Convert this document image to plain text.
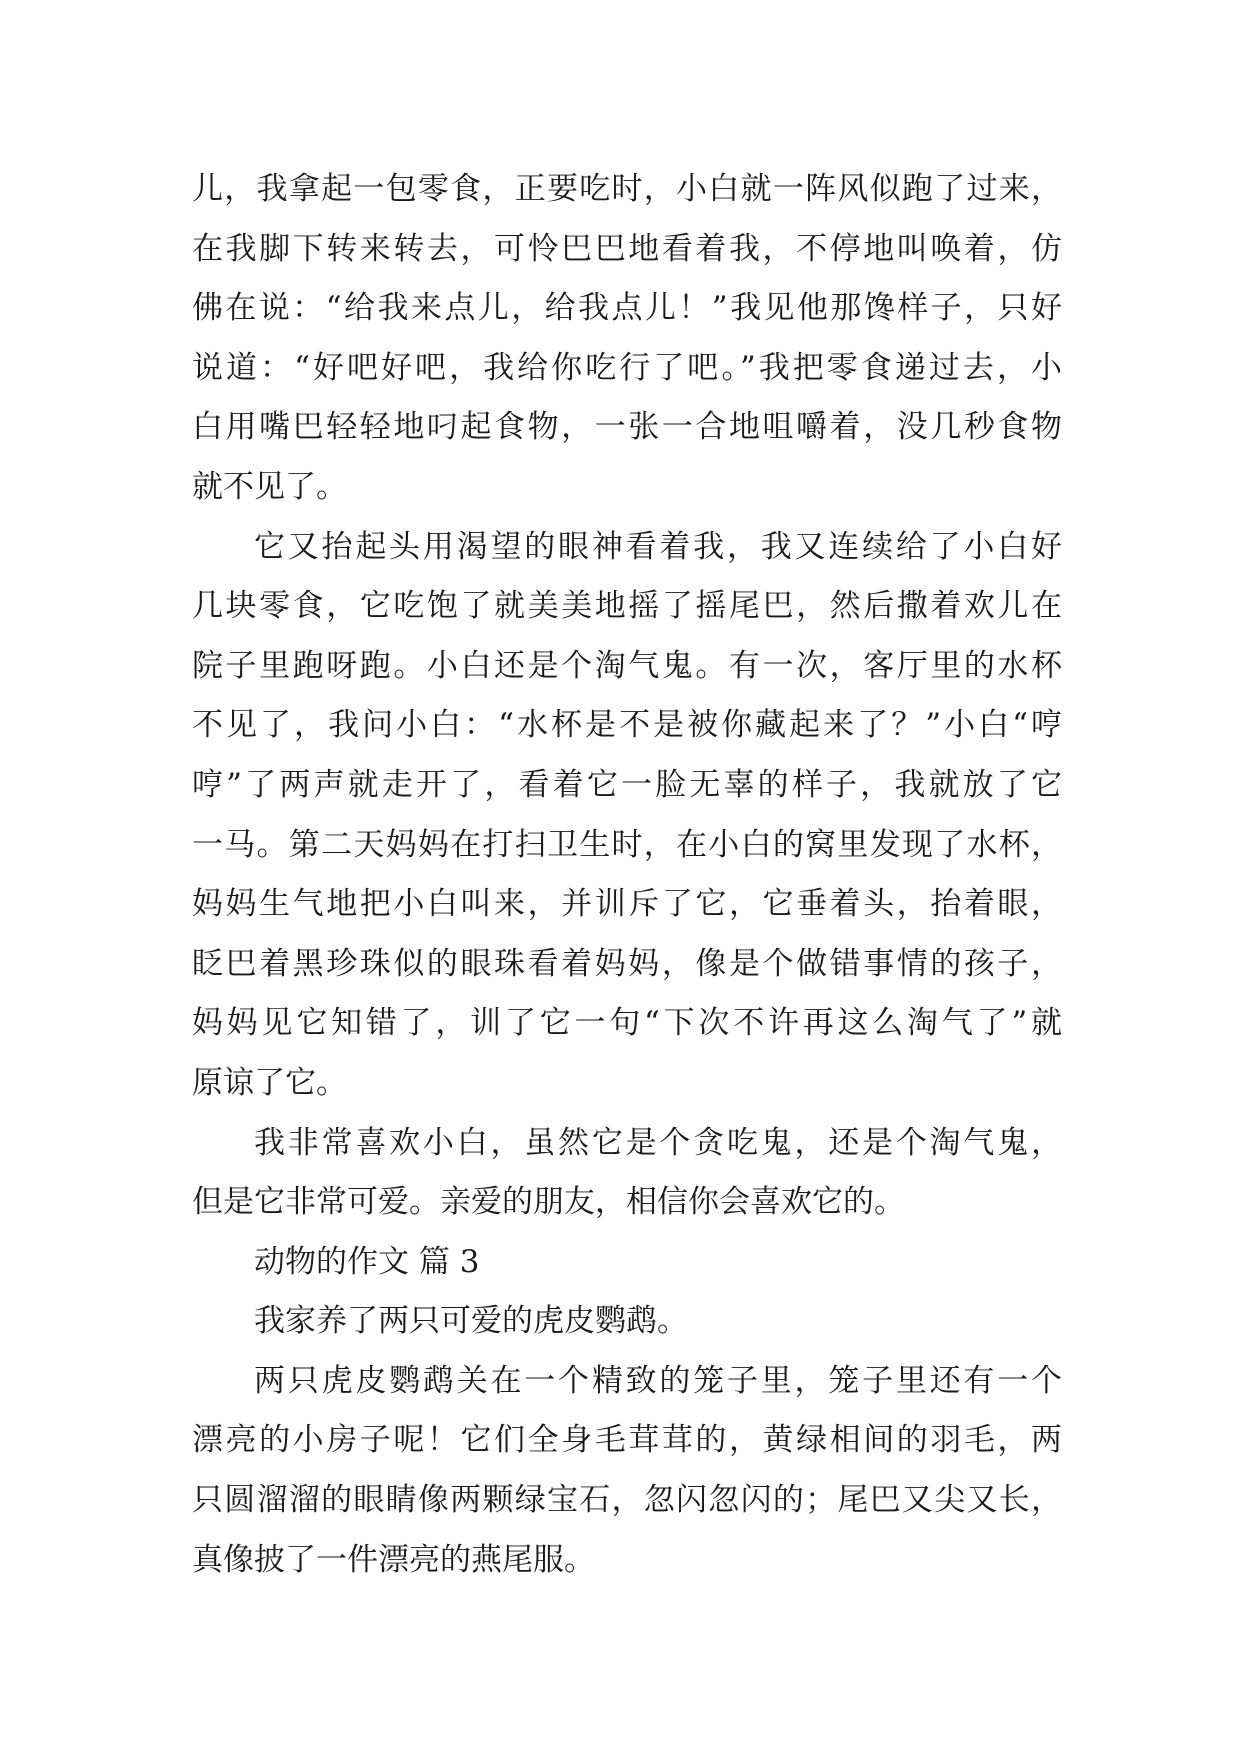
儿，我拿起一包零食，正要吃时，小白就一阵风似跑了过来，
在我脚下转来转去，可怜巴巴地看着我，不停地叫唤着，仿
佛在说：“给我来点儿，给我点儿！”我见他那馋样子，只好
说道：“好吧好吧，我给你吃行了吧。”我把零食递过去，小
白用嘴巴轻轻地叼起食物，一张一合地咀嚼着，没几秒食物
就不见了。
它又抬起头用渴望的眼神看着我，我又连续给了小白好
几块零食，它吃饱了就美美地摇了摇尾巴，然后撒着欢儿在
院子里跑呀跑。小白还是个淘气鬼。有一次，客厅里的水杯
不见了，我问小白：“水杯是不是被你藏起来了？”小白“哼
哼”了两声就走开了，看着它一脸无辜的样子，我就放了它
一马。第二天妈妈在打扫卫生时，在小白的窝里发现了水杯，
妈妈生气地把小白叫来，并训斥了它，它垂着头，抬着眼，
眨巴着黑珍珠似的眼珠看着妈妈，像是个做错事情的孩子，
妈妈见它知错了，训了它一句“下次不许再这么淘气了”就
原谅了它。
我非常喜欢小白，虽然它是个贪吃鬼，还是个淘气鬼，
但是它非常可爱。亲爱的朋友，相信你会喜欢它的。
动物的作文 篇 3
我家养了两只可爱的虎皮鹦鹉。
两只虎皮鹦鹉关在一个精致的笼子里，笼子里还有一个
漂亮的小房子呢！它们全身毛茸茸的，黄绿相间的羽毛，两
只圆溜溜的眼睛像两颗绿宝石，忽闪忽闪的；尾巴又尖又长，
真像披了一件漂亮的燕尾服。
